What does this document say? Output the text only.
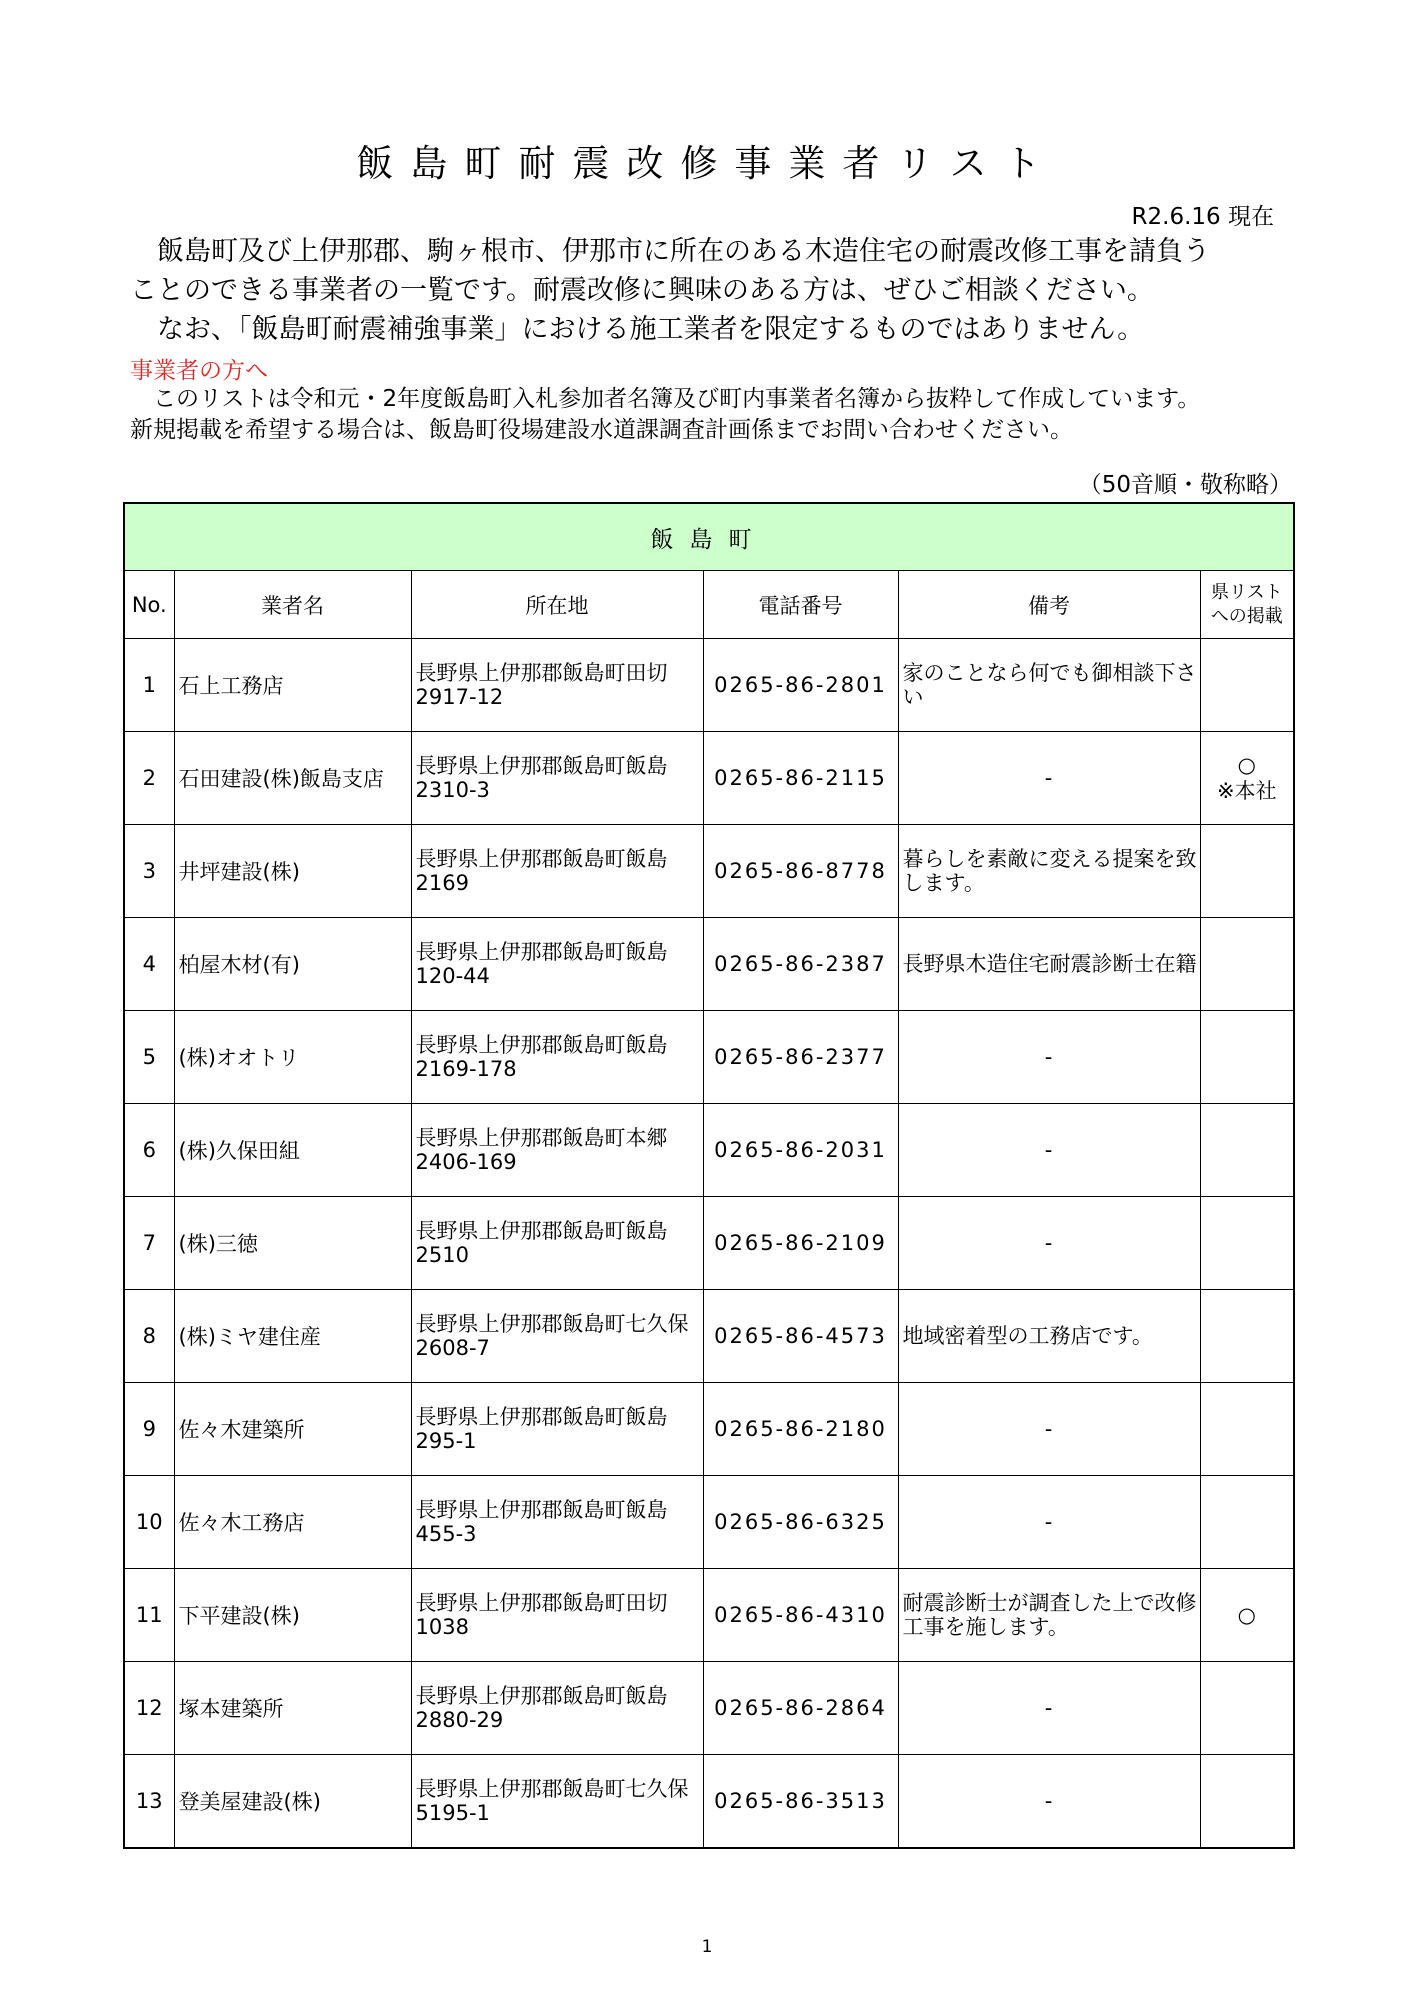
飯島町耐震改修事業者リスト
R2.6.16 現在

　飯島町及び上伊那郡、駒ヶ根市、伊那市に所在のある木造住宅の耐震改修工事を請負う

ことのできる事業者の一覧です。耐震改修に興味のある方は、ぜひご相談ください。

　なお、「飯島町耐震補強事業」における施工業者を限定するものではありません。

事業者の方へ

　このリストは令和元・2年度飯島町入札参加者名簿及び町内事業者名簿から抜粋して作成しています。

新規掲載を希望する場合は、飯島町役場建設水道課調査計画係までお問い合わせください。

（50音順・敬称略）
飯島町					
No.	業者名	所在地	電話番号	備考	県リスト
への掲載
1	石上工務店	長野県上伊那郡飯島町田切2917-12	0265-86-2801	家のことなら何でも御相談下さい	
2	石田建設(株)飯島支店	長野県上伊那郡飯島町飯島2310-3	0265-86-2115	-	○
※本社
3	井坪建設(株)	長野県上伊那郡飯島町飯島2169	0265-86-8778	暮らしを素敵に変える提案を致します。	
4	柏屋木材(有)	長野県上伊那郡飯島町飯島120-44	0265-86-2387	長野県木造住宅耐震診断士在籍	
5	(株)オオトリ	長野県上伊那郡飯島町飯島2169-178	0265-86-2377	-	
6	(株)久保田組	長野県上伊那郡飯島町本郷2406-169	0265-86-2031	-	
7	(株)三徳	長野県上伊那郡飯島町飯島2510	0265-86-2109	-	
8	(株)ミヤ建住産	長野県上伊那郡飯島町七久保2608-7	0265-86-4573	地域密着型の工務店です。	
9	佐々木建築所	長野県上伊那郡飯島町飯島295-1	0265-86-2180	-	
10	佐々木工務店	長野県上伊那郡飯島町飯島455-3	0265-86-6325	-	
11	下平建設(株)	長野県上伊那郡飯島町田切1038	0265-86-4310	耐震診断士が調査した上で改修工事を施します。	○
12	塚本建築所	長野県上伊那郡飯島町飯島2880-29	0265-86-2864	-	
13	登美屋建設(株)	長野県上伊那郡飯島町七久保5195-1	0265-86-3513	-	
1
